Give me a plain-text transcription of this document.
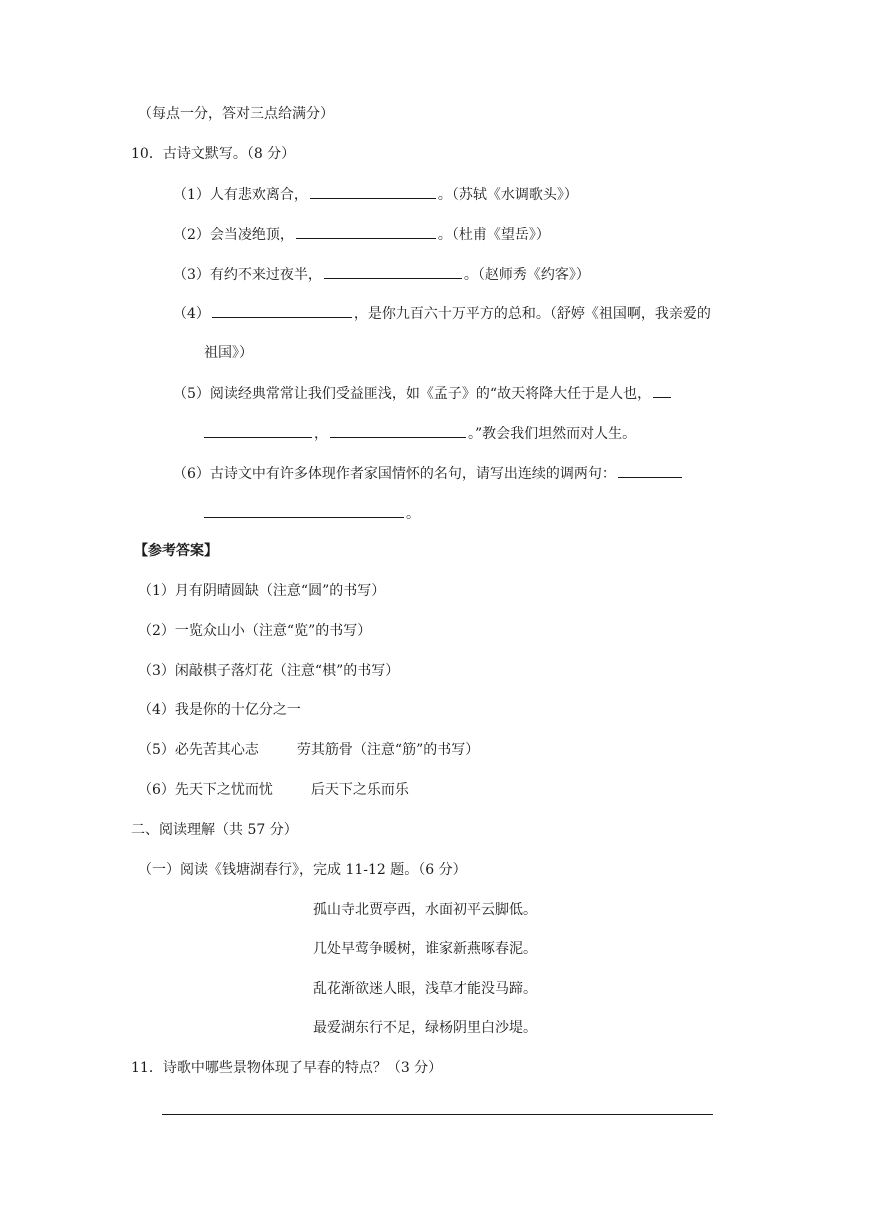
（每点一分，答对三点给满分）
10．古诗文默写。（8 分）
（1）人有悲欢离合，	。（苏轼《水调歌头》）
（2）会当凌绝顶，	。（杜甫《望岳》）
（3）有约不来过夜半，	。（赵师秀《约客》）
（4）	，是你九百六十万平方的总和。（舒婷《祖国啊，我亲爱的
祖国》）
（5）阅读经典常常让我们受益匪浅，如《孟子》的“故天将降大任于是人也，
，	。”教会我们坦然而对人生。
（6）古诗文中有许多体现作者家国情怀的名句，请写出连续的调两句：
。
【参考答案】
（1）月有阴晴圆缺（注意“圆”的书写）
（2）一览众山小（注意“览”的书写）
（3）闲敲棋子落灯花（注意“棋”的书写）
（4）我是你的十亿分之一
（5）必先苦其心志	劳其筋骨（注意“筋”的书写）
（6）先天下之忧而忧	后天下之乐而乐
二、阅读理解（共 57 分）
（一）阅读《钱塘湖春行》，完成 11-12 题。（6 分）
孤山寺北贾亭西，水面初平云脚低。
几处早莺争暖树，谁家新燕啄春泥。
乱花渐欲迷人眼，浅草才能没马蹄。
最爱湖东行不足，绿杨阴里白沙堤。
11．诗歌中哪些景物体现了早春的特点？（3 分）
